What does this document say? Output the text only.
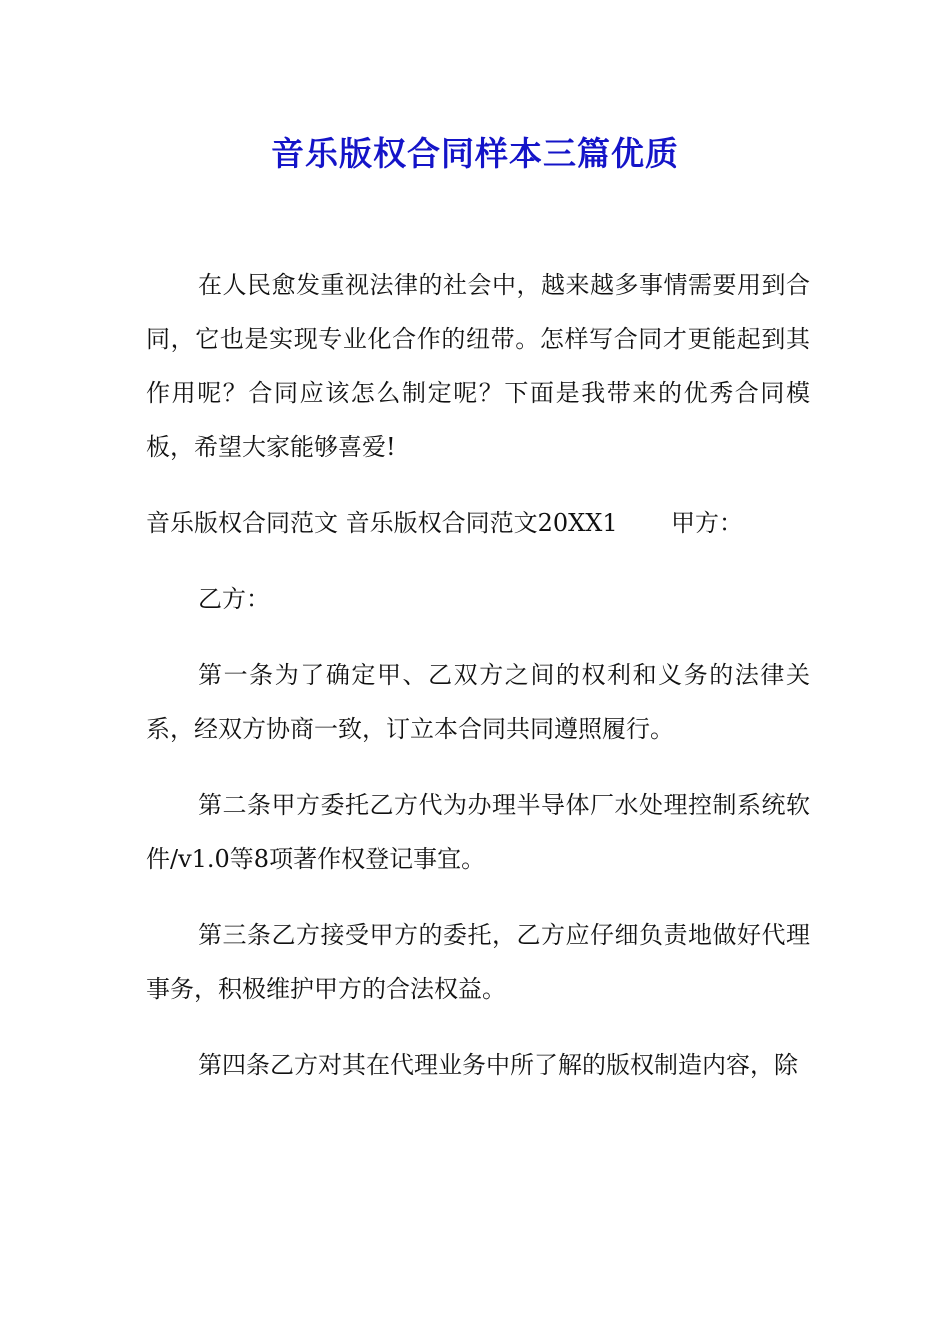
音乐版权合同样本三篇优质

在人民愈发重视法律的社会中，越来越多事情需要用到合同，它也是实现专业化合作的纽带。怎样写合同才更能起到其作用呢？合同应该怎么制定呢？下面是我带来的优秀合同模板，希望大家能够喜爱!

音乐版权合同范文 音乐版权合同范文20XX1       甲方：

乙方：

第一条为了确定甲、乙双方之间的权利和义务的法律关系，经双方协商一致，订立本合同共同遵照履行。

第二条甲方委托乙方代为办理半导体厂水处理控制系统软件/v1.0等8项著作权登记事宜。

第三条乙方接受甲方的委托，乙方应仔细负责地做好代理事务，积极维护甲方的合法权益。

第四条乙方对其在代理业务中所了解的版权制造内容，除
